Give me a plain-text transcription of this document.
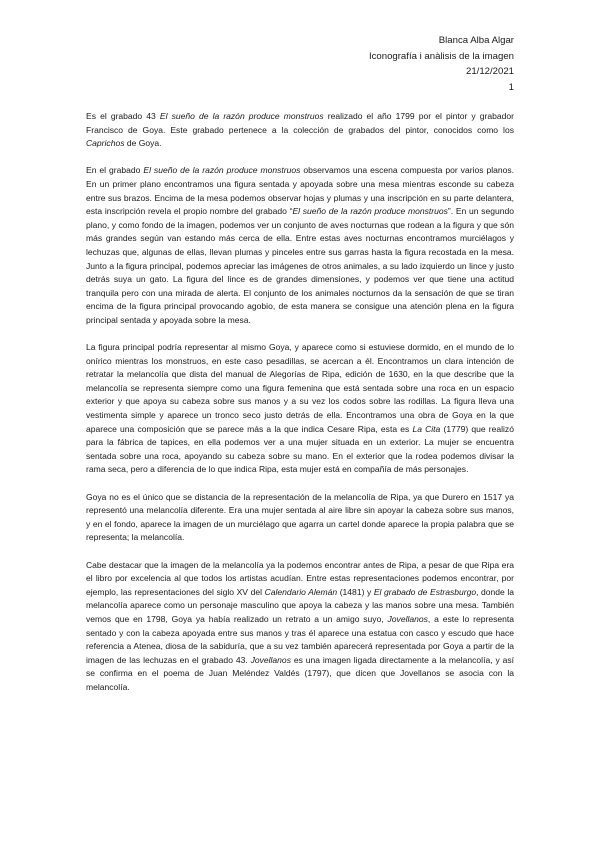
Blanca Alba Algar
Iconografía i anàlisis de la imagen
21/12/2021
1

Es el grabado 43 El sueño de la razón produce monstruos realizado el año 1799 por el pintor y grabador Francisco de Goya. Este grabado pertenece a la colección de grabados del pintor, conocidos como los Caprichos de Goya.

En el grabado El sueño de la razón produce monstruos observamos una escena compuesta por varios planos. En un primer plano encontramos una figura sentada y apoyada sobre una mesa mientras esconde su cabeza entre sus brazos. Encima de la mesa podemos observar hojas y plumas y una inscripción en su parte delantera, esta inscripción revela el propio nombre del grabado “El sueño de la razón produce monstruos”. En un segundo plano, y como fondo de la imagen, podemos ver un conjunto de aves nocturnas que rodean a la figura y que són más grandes según van estando más cerca de ella. Entre estas aves nocturnas encontramos murciélagos y lechuzas que, algunas de ellas, llevan plumas y pinceles entre sus garras hasta la figura recostada en la mesa. Junto a la figura principal, podemos apreciar las imágenes de otros animales, a su lado izquierdo un lince y justo detrás suya un gato. La figura del lince es de grandes dimensiones, y podemos ver que tiene una actitud tranquila pero con una mirada de alerta. El conjunto de los animales nocturnos da la sensación de que se tiran encima de la figura principal provocando agobio, de esta manera se consigue una atención plena en la figura principal sentada y apoyada sobre la mesa.

La figura principal podría representar al mismo Goya, y aparece como si estuviese dormido, en el mundo de lo onírico mientras los monstruos, en este caso pesadillas, se acercan a él. Encontramos un clara intención de retratar la melancolía que dista del manual de Alegorías de Ripa, edición de 1630, en la que describe que la melancolía se representa siempre como una figura femenina que está sentada sobre una roca en un espacio exterior y que apoya su cabeza sobre sus manos y a su vez los codos sobre las rodillas. La figura lleva una vestimenta simple y aparece un tronco seco justo detrás de ella. Encontramos una obra de Goya en la que aparece una composición que se parece más a la que indica Cesare Ripa, esta es La Cita (1779) que realizó para la fábrica de tapices, en ella podemos ver a una mujer situada en un exterior. La mujer se encuentra sentada sobre una roca, apoyando su cabeza sobre su mano. En el exterior que la rodea podemos divisar la rama seca, pero a diferencia de lo que indica Ripa, esta mujer está en compañía de más personajes.

Goya no es el único que se distancia de la representación de la melancolía de Ripa, ya que Durero en 1517 ya representó una melancolía diferente. Era una mujer sentada al aire libre sin apoyar la cabeza sobre sus manos, y en el fondo, aparece la imagen de un murciélago que agarra un cartel donde aparece la propia palabra que se representa; la melancolía.

Cabe destacar que la imagen de la melancolía ya la podemos encontrar antes de Ripa, a pesar de que Ripa era el libro por excelencia al que todos los artistas acudían. Entre estas representaciones podemos encontrar, por ejemplo, las representaciones del siglo XV del Calendario Alemán (1481) y El grabado de Estrasburgo, donde la melancolía aparece como un personaje masculino que apoya la cabeza y las manos sobre una mesa. También vemos que en 1798, Goya ya había realizado un retrato a un amigo suyo, Jovellanos, a este lo representa sentado y con la cabeza apoyada entre sus manos y tras él aparece una estatua con casco y escudo que hace referencia a Atenea, diosa de la sabiduría, que a su vez también aparecerá representada por Goya a partir de la imagen de las lechuzas en el grabado 43. Jovellanos es una imagen ligada directamente a la melancolía, y así se confirma en el poema de Juan Meléndez Valdés (1797), que dicen que Jovellanos se asocia con la melancolía.
